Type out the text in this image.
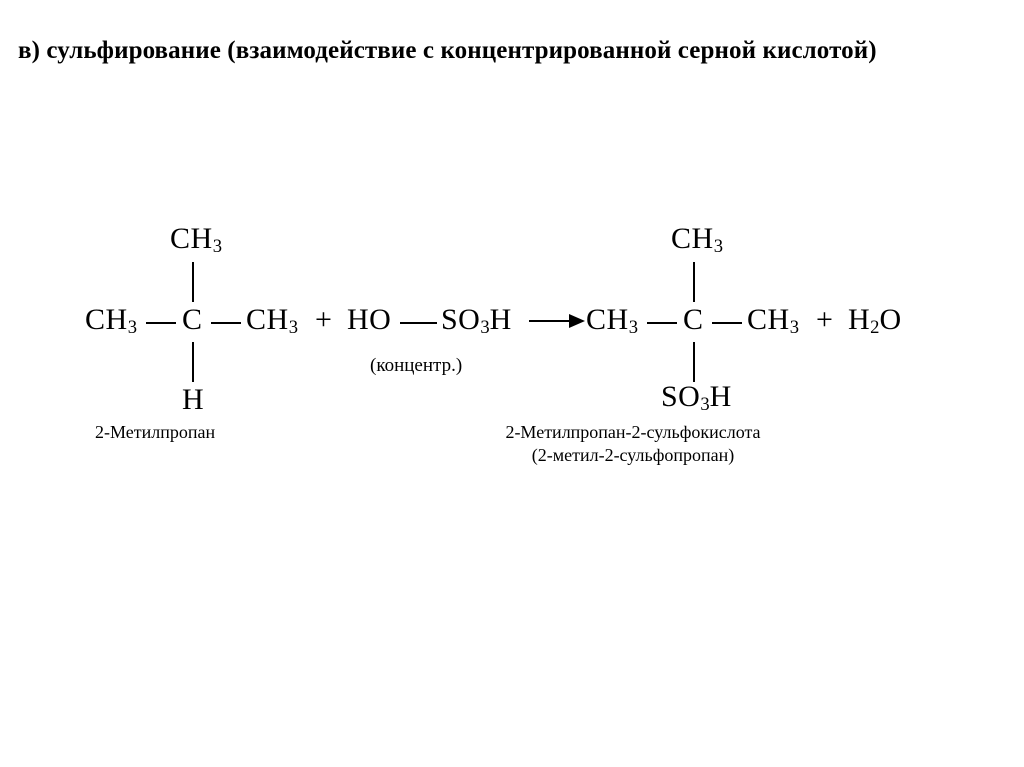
в) сульфирование (взаимодействие с концентрированной серной кислотой)
$CH_3$
$CH_3$ C $CH_3$
H
2-Метилпропан
+ HO $SO_3H$
(концентр.)
$CH_3$
$CH_3$ C $CH_3$
$SO_3H$
2-Метилпропан-2-сульфокислота
(2-метил-2-сульфопропан)
+ $H_2O$
